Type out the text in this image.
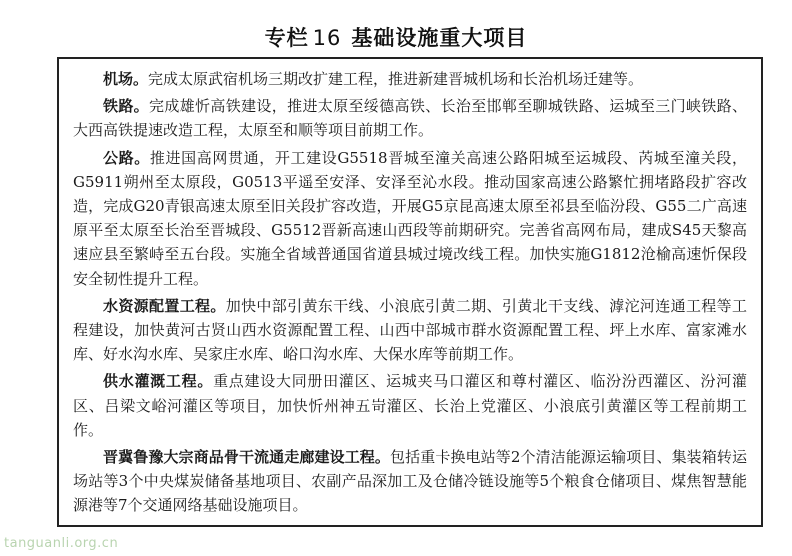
专栏 16 基础设施重大项目

机场。完成太原武宿机场三期改扩建工程，推进新建晋城机场和长治机场迁建等。

铁路。完成雄忻高铁建设，推进太原至绥德高铁、长治至邯郸至聊城铁路、运城至三门峡铁路、大西高铁提速改造工程，太原至和顺等项目前期工作。

公路。推进国高网贯通，开工建设G5518晋城至潼关高速公路阳城至运城段、芮城至潼关段，G5911朔州至太原段，G0513平遥至安泽、安泽至沁水段。推动国家高速公路繁忙拥堵路段扩容改造，完成G20青银高速太原至旧关段扩容改造，开展G5京昆高速太原至祁县至临汾段、G55二广高速原平至太原至长治至晋城段、G5512晋新高速山西段等前期研究。完善省高网布局，建成S45天黎高速应县至繁峙至五台段。实施全省域普通国省道县城过境改线工程。加快实施G1812沧榆高速忻保段安全韧性提升工程。

水资源配置工程。加快中部引黄东干线、小浪底引黄二期、引黄北干支线、滹沱河连通工程等工程建设，加快黄河古贤山西水资源配置工程、山西中部城市群水资源配置工程、坪上水库、富家滩水库、好水沟水库、吴家庄水库、峪口沟水库、大保水库等前期工作。

供水灌溉工程。重点建设大同册田灌区、运城夹马口灌区和尊村灌区、临汾汾西灌区、汾河灌区、吕梁文峪河灌区等项目，加快忻州神五岢灌区、长治上党灌区、小浪底引黄灌区等工程前期工作。

晋冀鲁豫大宗商品骨干流通走廊建设工程。包括重卡换电站等2个清洁能源运输项目、集装箱转运场站等3个中央煤炭储备基地项目、农副产品深加工及仓储冷链设施等5个粮食仓储项目、煤焦智慧能源港等7个交通网络基础设施项目。

tanguanli.org.cn
